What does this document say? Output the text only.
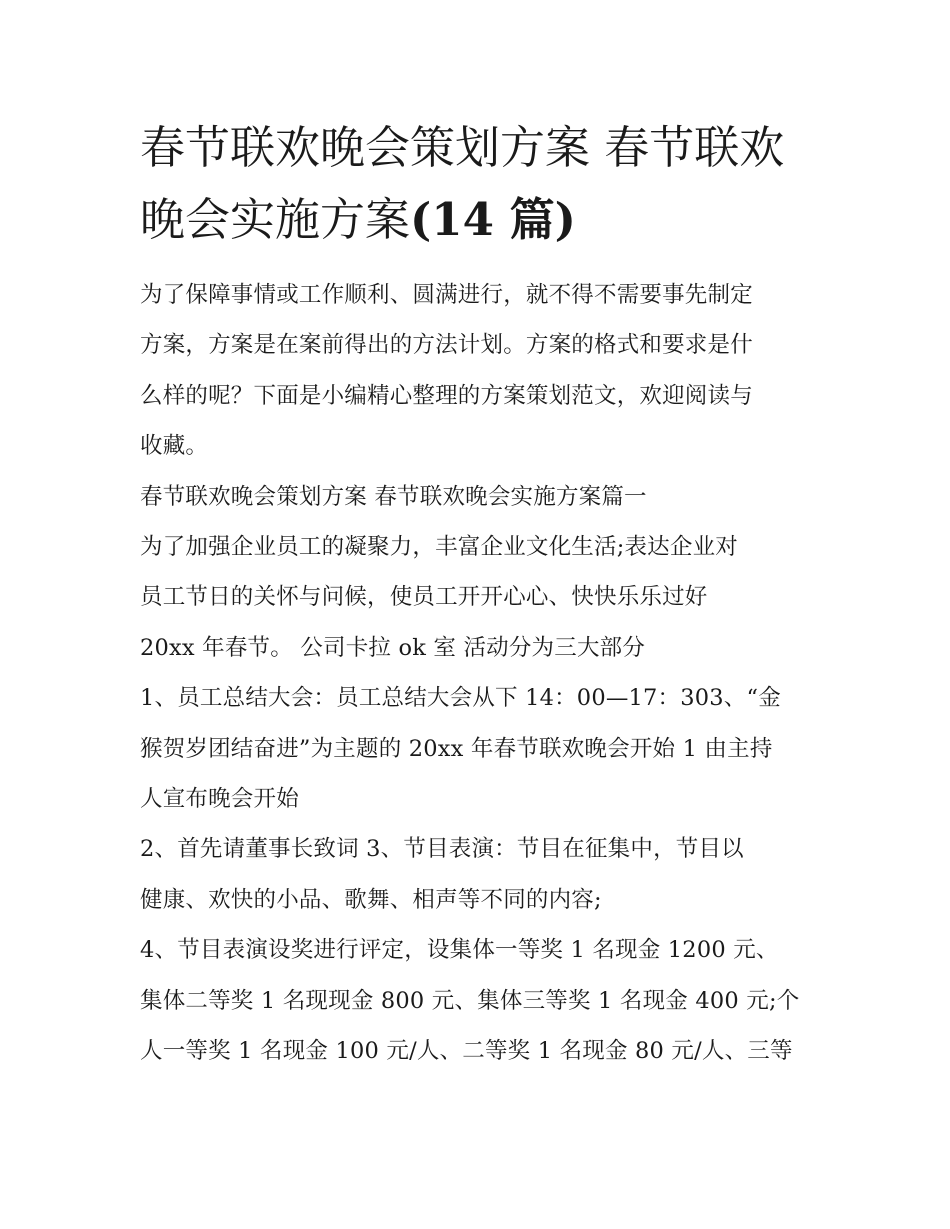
春节联欢晚会策划方案 春节联欢晚会实施方案(14 篇)

为了保障事情或工作顺利、圆满进行，就不得不需要事先制定

方案，方案是在案前得出的方法计划。方案的格式和要求是什

么样的呢？下面是小编精心整理的方案策划范文，欢迎阅读与

收藏。

春节联欢晚会策划方案 春节联欢晚会实施方案篇一

为了加强企业员工的凝聚力，丰富企业文化生活;表达企业对

员工节日的关怀与问候，使员工开开心心、快快乐乐过好

20xx 年春节。 公司卡拉 ok 室 活动分为三大部分

1、员工总结大会：员工总结大会从下 14：00—17：303、“金

猴贺岁团结奋进”为主题的 20xx 年春节联欢晚会开始 1 由主持

人宣布晚会开始

2、首先请董事长致词 3、节目表演：节目在征集中，节目以

健康、欢快的小品、歌舞、相声等不同的内容;

4、节目表演设奖进行评定，设集体一等奖 1 名现金 1200 元、

集体二等奖 1 名现现金 800 元、集体三等奖 1 名现金 400 元;个

人一等奖 1 名现金 100 元/人、二等奖 1 名现金 80 元/人、三等
